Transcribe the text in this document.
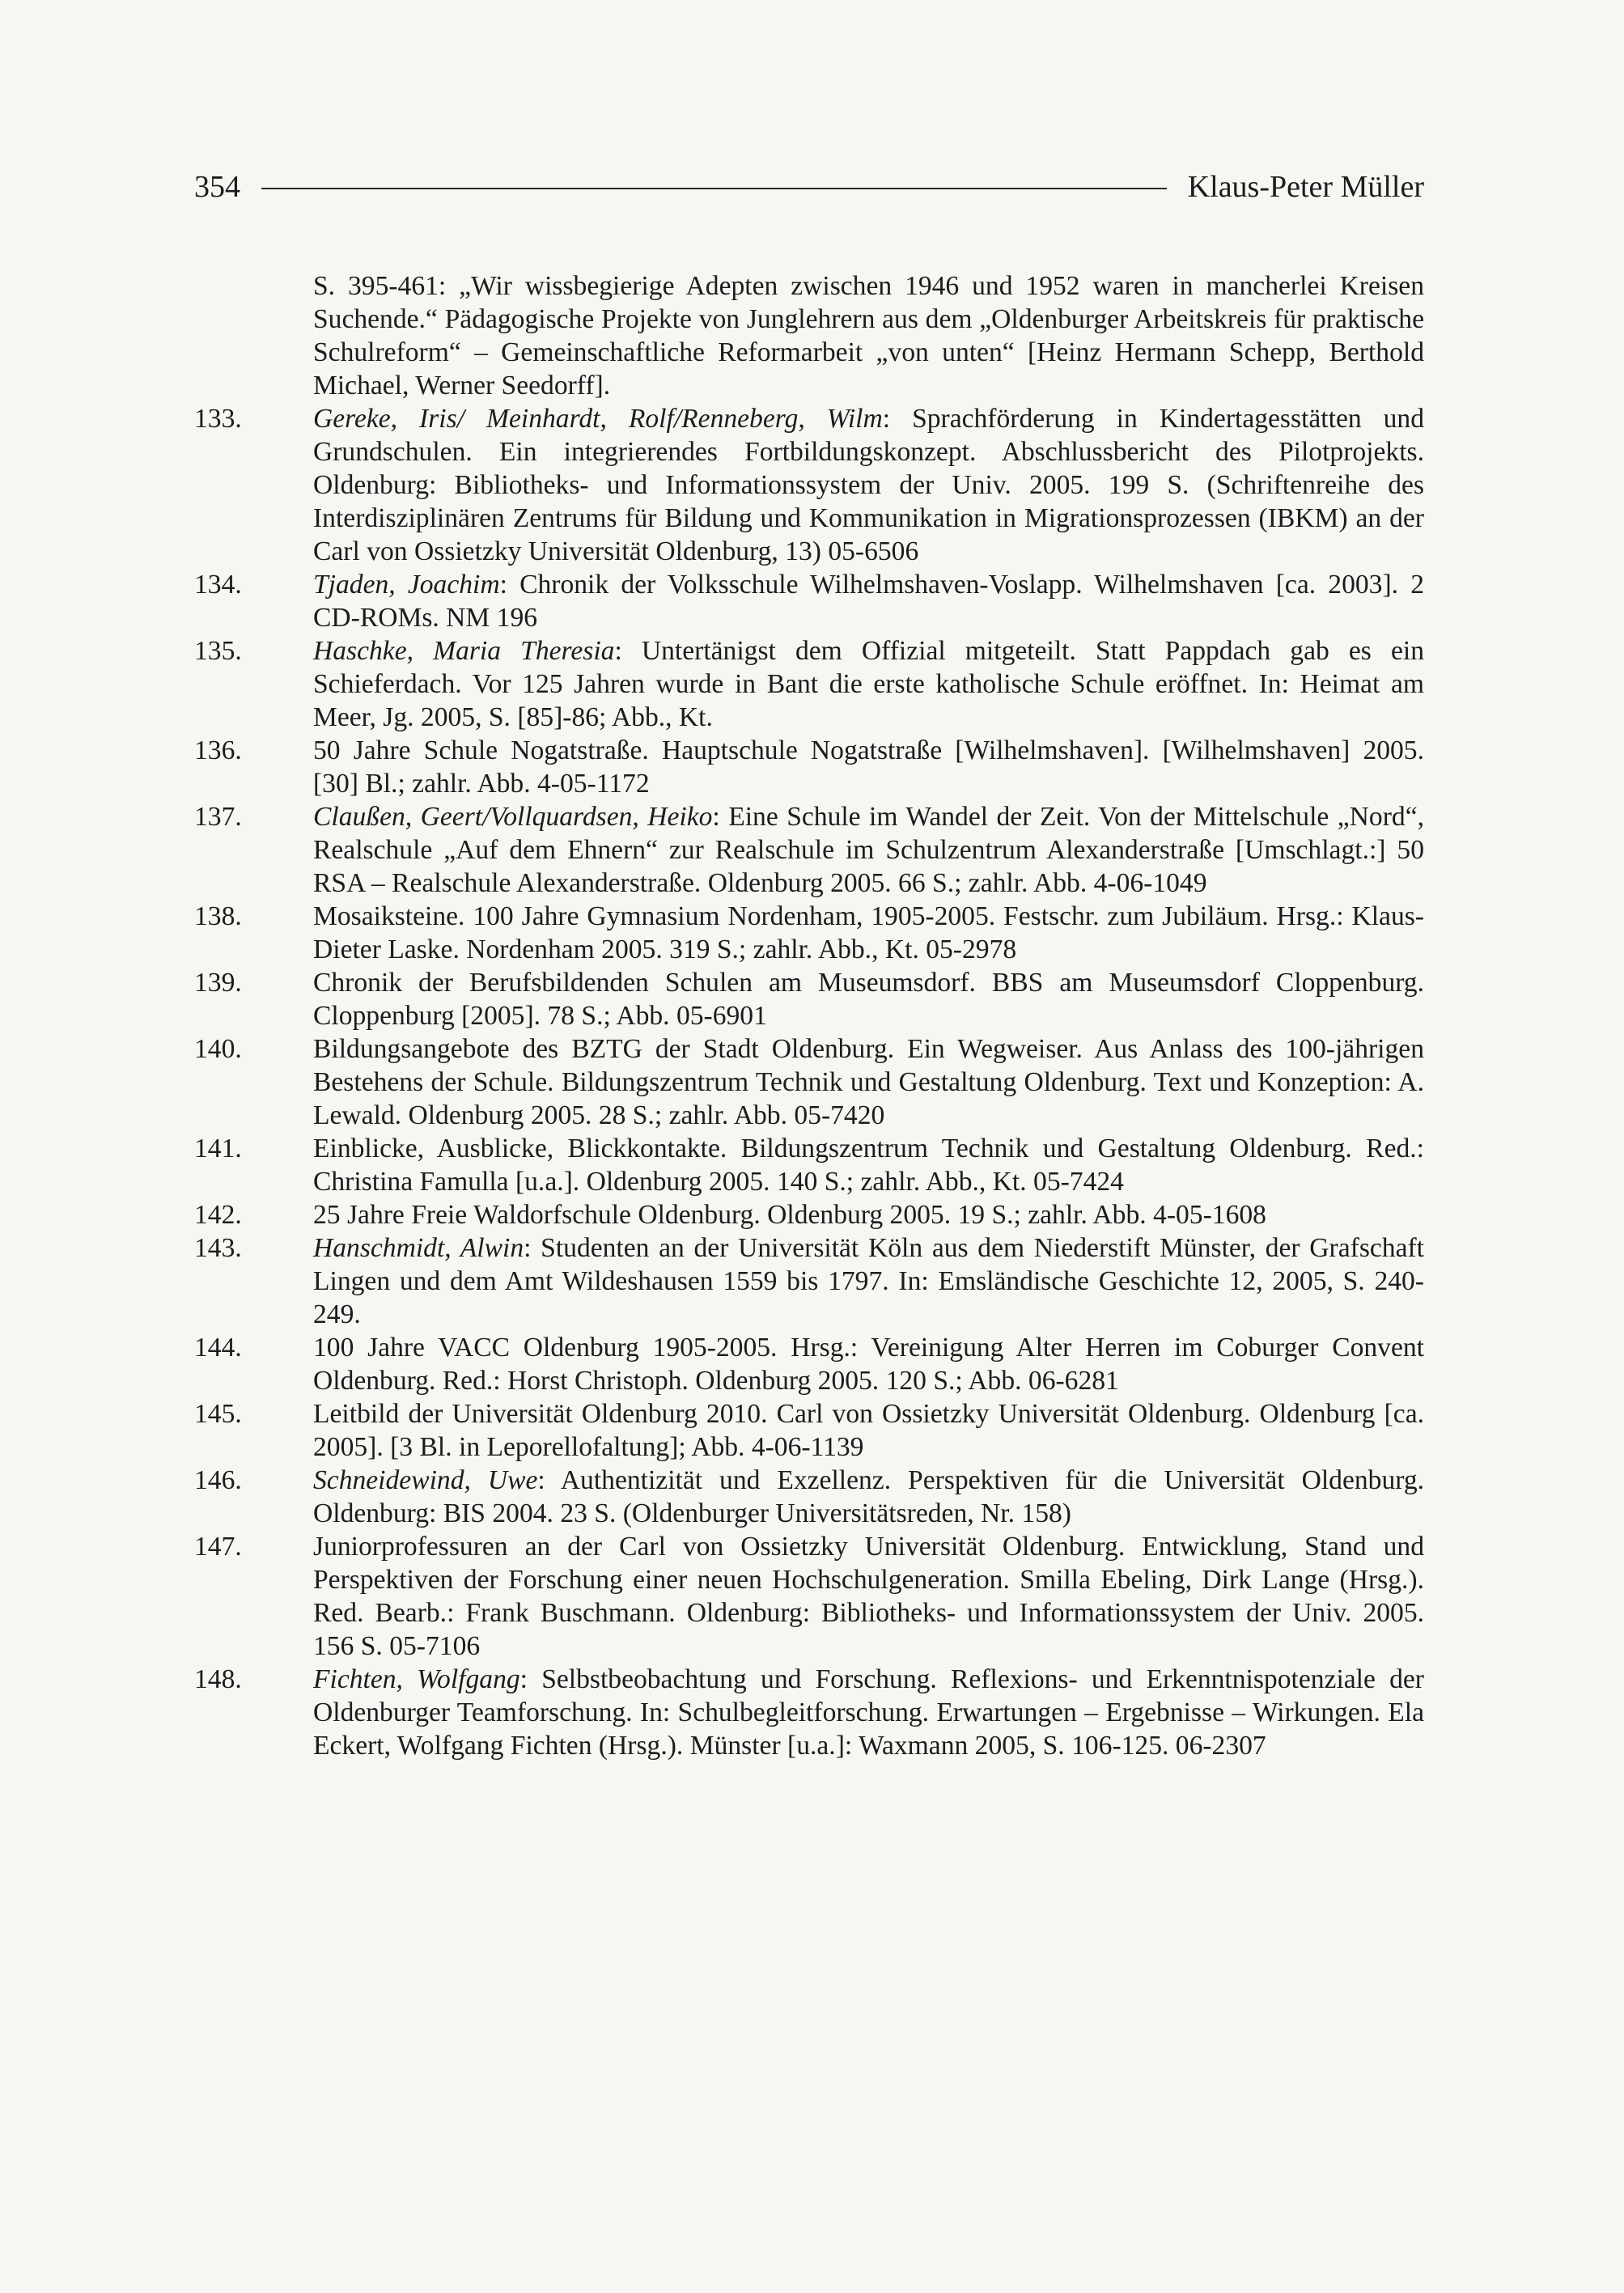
354	Klaus-Peter Müller
S. 395-461: „Wir wissbegierige Adepten zwischen 1946 und 1952 waren in mancherlei Kreisen Suchende.“ Pädagogische Projekte von Junglehrern aus dem „Oldenburger Arbeitskreis für praktische Schulreform“ – Gemeinschaftliche Reformarbeit „von unten“ [Heinz Hermann Schepp, Berthold Michael, Werner Seedorff].
133.	Gereke, Iris/ Meinhardt, Rolf/Renneberg, Wilm: Sprachförderung in Kindertagesstätten und Grundschulen. Ein integrierendes Fortbildungskonzept. Abschlussbericht des Pilotprojekts. Oldenburg: Bibliotheks- und Informationssystem der Univ. 2005. 199 S. (Schriftenreihe des Interdisziplinären Zentrums für Bildung und Kommunikation in Migrationsprozessen (IBKM) an der Carl von Ossietzky Universität Oldenburg, 13) 05-6506
134.	Tjaden, Joachim: Chronik der Volksschule Wilhelmshaven-Voslapp. Wilhelmshaven [ca. 2003]. 2 CD-ROMs. NM 196
135.	Haschke, Maria Theresia: Untertänigst dem Offizial mitgeteilt. Statt Pappdach gab es ein Schieferdach. Vor 125 Jahren wurde in Bant die erste katholische Schule eröffnet. In: Heimat am Meer, Jg. 2005, S. [85]-86; Abb., Kt.
136.	50 Jahre Schule Nogatstraße. Hauptschule Nogatstraße [Wilhelmshaven]. [Wilhelmshaven] 2005. [30] Bl.; zahlr. Abb. 4-05-1172
137.	Claußen, Geert/Vollquardsen, Heiko: Eine Schule im Wandel der Zeit. Von der Mittelschule „Nord“, Realschule „Auf dem Ehnern“ zur Realschule im Schulzentrum Alexanderstraße [Umschlagt.:] 50 RSA – Realschule Alexanderstraße. Oldenburg 2005. 66 S.; zahlr. Abb. 4-06-1049
138.	Mosaiksteine. 100 Jahre Gymnasium Nordenham, 1905-2005. Festschr. zum Jubiläum. Hrsg.: Klaus-Dieter Laske. Nordenham 2005. 319 S.; zahlr. Abb., Kt. 05-2978
139.	Chronik der Berufsbildenden Schulen am Museumsdorf. BBS am Museumsdorf Cloppenburg. Cloppenburg [2005]. 78 S.; Abb. 05-6901
140.	Bildungsangebote des BZTG der Stadt Oldenburg. Ein Wegweiser. Aus Anlass des 100-jährigen Bestehens der Schule. Bildungszentrum Technik und Gestaltung Oldenburg. Text und Konzeption: A. Lewald. Oldenburg 2005. 28 S.; zahlr. Abb. 05-7420
141.	Einblicke, Ausblicke, Blickkontakte. Bildungszentrum Technik und Gestaltung Oldenburg. Red.: Christina Famulla [u.a.]. Oldenburg 2005. 140 S.; zahlr. Abb., Kt. 05-7424
142.	25 Jahre Freie Waldorfschule Oldenburg. Oldenburg 2005. 19 S.; zahlr. Abb. 4-05-1608
143.	Hanschmidt, Alwin: Studenten an der Universität Köln aus dem Niederstift Münster, der Grafschaft Lingen und dem Amt Wildeshausen 1559 bis 1797. In: Emsländische Geschichte 12, 2005, S. 240-249.
144.	100 Jahre VACC Oldenburg 1905-2005. Hrsg.: Vereinigung Alter Herren im Coburger Convent Oldenburg. Red.: Horst Christoph. Oldenburg 2005. 120 S.; Abb. 06-6281
145.	Leitbild der Universität Oldenburg 2010. Carl von Ossietzky Universität Oldenburg. Oldenburg [ca. 2005]. [3 Bl. in Leporellofaltung]; Abb. 4-06-1139
146.	Schneidewind, Uwe: Authentizität und Exzellenz. Perspektiven für die Universität Oldenburg. Oldenburg: BIS 2004. 23 S. (Oldenburger Universitätsreden, Nr. 158)
147.	Juniorprofessuren an der Carl von Ossietzky Universität Oldenburg. Entwicklung, Stand und Perspektiven der Forschung einer neuen Hochschulgeneration. Smilla Ebeling, Dirk Lange (Hrsg.). Red. Bearb.: Frank Buschmann. Oldenburg: Bibliotheks- und Informationssystem der Univ. 2005. 156 S. 05-7106
148.	Fichten, Wolfgang: Selbstbeobachtung und Forschung. Reflexions- und Erkenntnispotenziale der Oldenburger Teamforschung. In: Schulbegleitforschung. Erwartungen – Ergebnisse – Wirkungen. Ela Eckert, Wolfgang Fichten (Hrsg.). Münster [u.a.]: Waxmann 2005, S. 106-125. 06-2307
